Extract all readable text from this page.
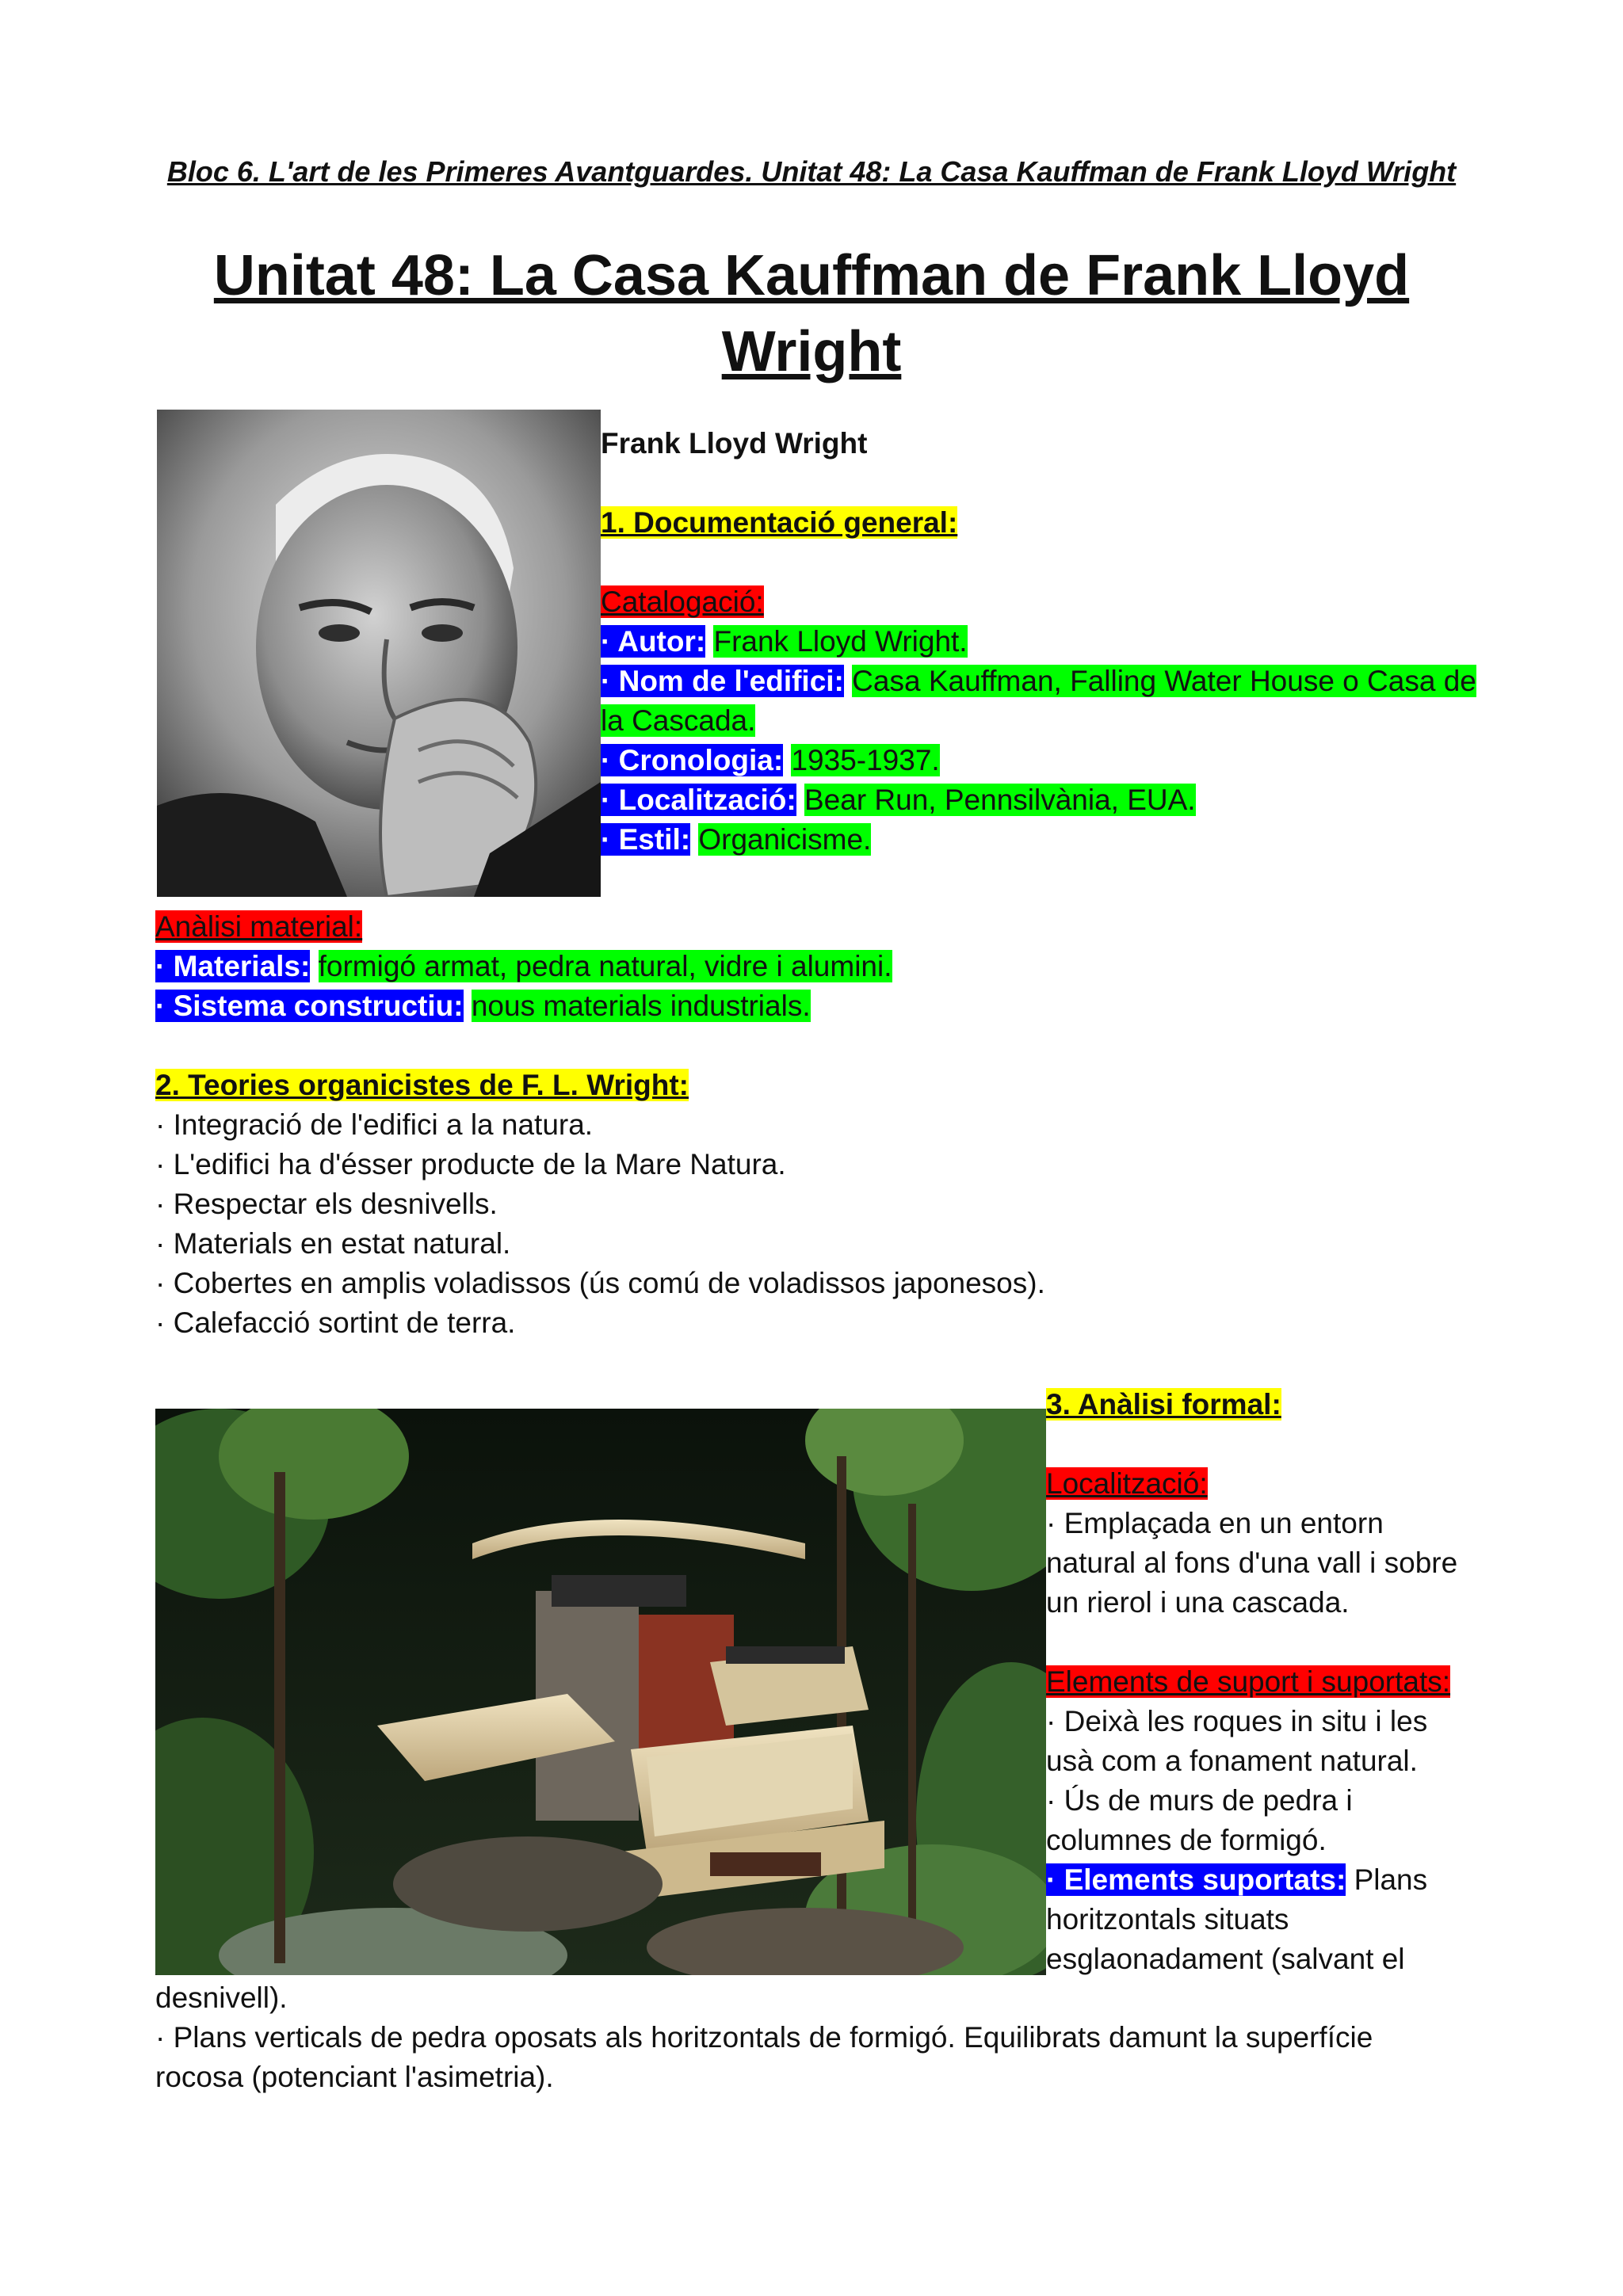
Bloc 6. L'art de les Primeres Avantguardes. Unitat 48: La Casa Kauffman de Frank Lloyd Wright
Unitat 48: La Casa Kauffman de Frank Lloyd
Wright
Frank Lloyd Wright
1. Documentació general:
Catalogació:
· Autor: Frank Lloyd Wright.
· Nom de l'edifici: Casa Kauffman, Falling Water House o Casa de
la Cascada.
· Cronologia: 1935-1937.
· Localització: Bear Run, Pennsilvània, EUA.
· Estil: Organicisme.
Anàlisi material:
· Materials: formigó armat, pedra natural, vidre i alumini.
· Sistema constructiu: nous materials industrials.
2. Teories organicistes de F. L. Wright:
· Integració de l'edifici a la natura.
· L'edifici ha d'ésser producte de la Mare Natura.
· Respectar els desnivells.
· Materials en estat natural.
· Cobertes en amplis voladissos (ús comú de voladissos japonesos).
· Calefacció sortint de terra.
3. Anàlisi formal:
Localització:
· Emplaçada en un entorn
natural al fons d'una vall i sobre
un rierol i una cascada.
Elements de suport i suportats:
· Deixà les roques in situ i les
usà com a fonament natural.
· Ús de murs de pedra i
columnes de formigó.
· Elements suportats: Plans
horitzontals situats
esglaonadament (salvant el
desnivell).
· Plans verticals de pedra oposats als horitzontals de formigó. Equilibrats damunt la superfície
rocosa (potenciant l'asimetria).
